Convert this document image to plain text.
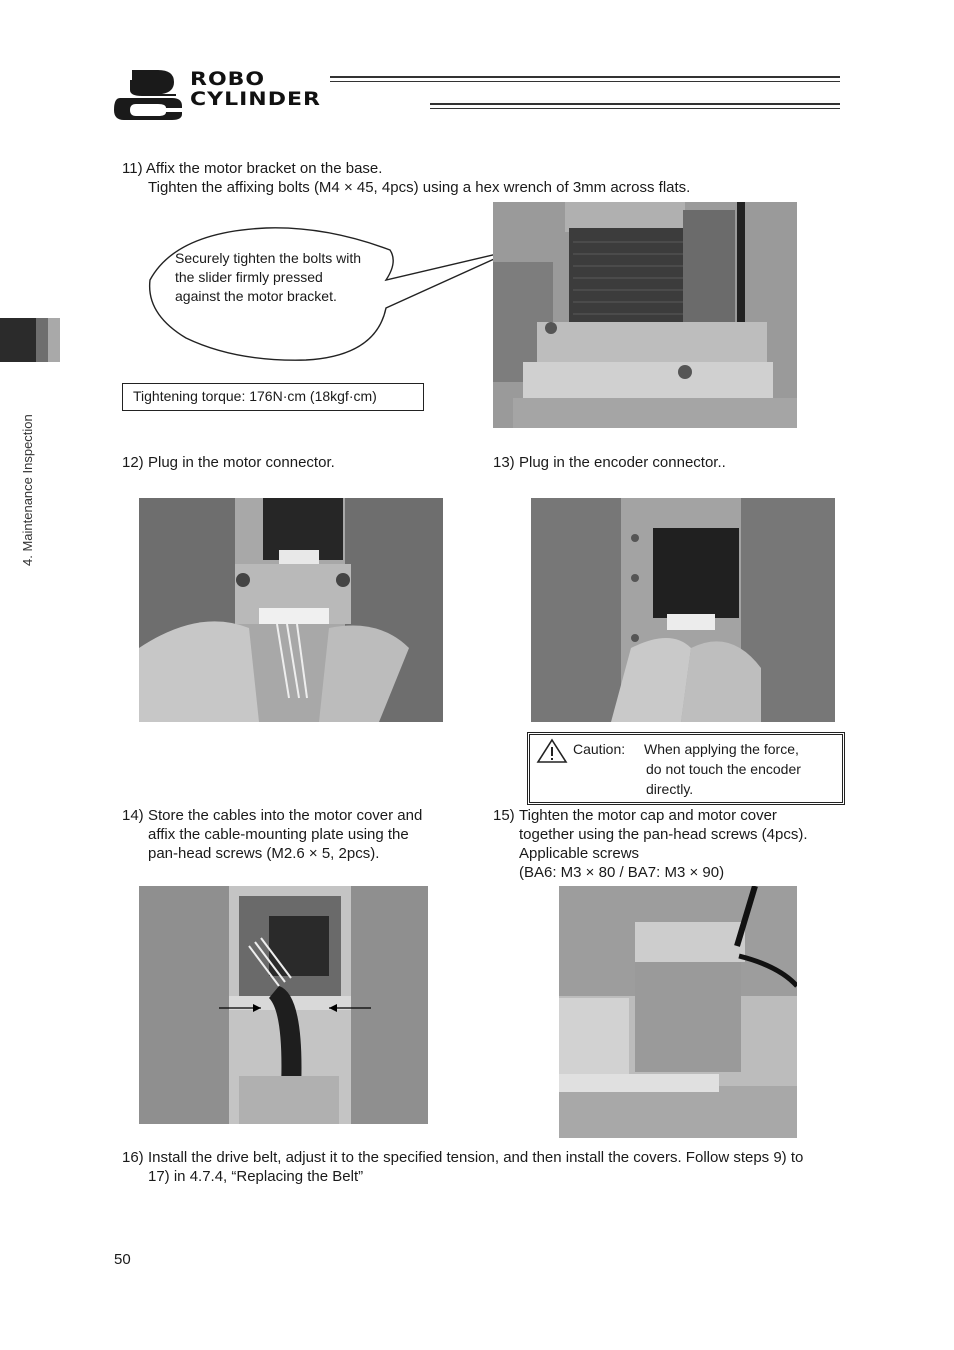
ROBO
CYLINDER
4. Maintenance Inspection
11) Affix the motor bracket on the base.
Tighten the affixing bolts (M4 × 45, 4pcs) using a hex wrench of 3mm across flats.
Securely tighten the bolts with
the slider firmly pressed
against the motor bracket.
Tightening torque: 176N·cm (18kgf·cm)
12) Plug in the motor connector.	13) Plug in the encoder connector..
Caution: When applying the force,
do not touch the encoder
directly.
14) Store the cables into the motor cover and
affix the cable-mounting plate using the
pan-head screws (M2.6 × 5, 2pcs).
15) Tighten the motor cap and motor cover
together using the pan-head screws (4pcs).
Applicable screws
(BA6: M3 × 80 / BA7: M3 × 90)
16) Install the drive belt, adjust it to the specified tension, and then install the covers. Follow steps 9) to
17) in 4.7.4, “Replacing the Belt”
50
